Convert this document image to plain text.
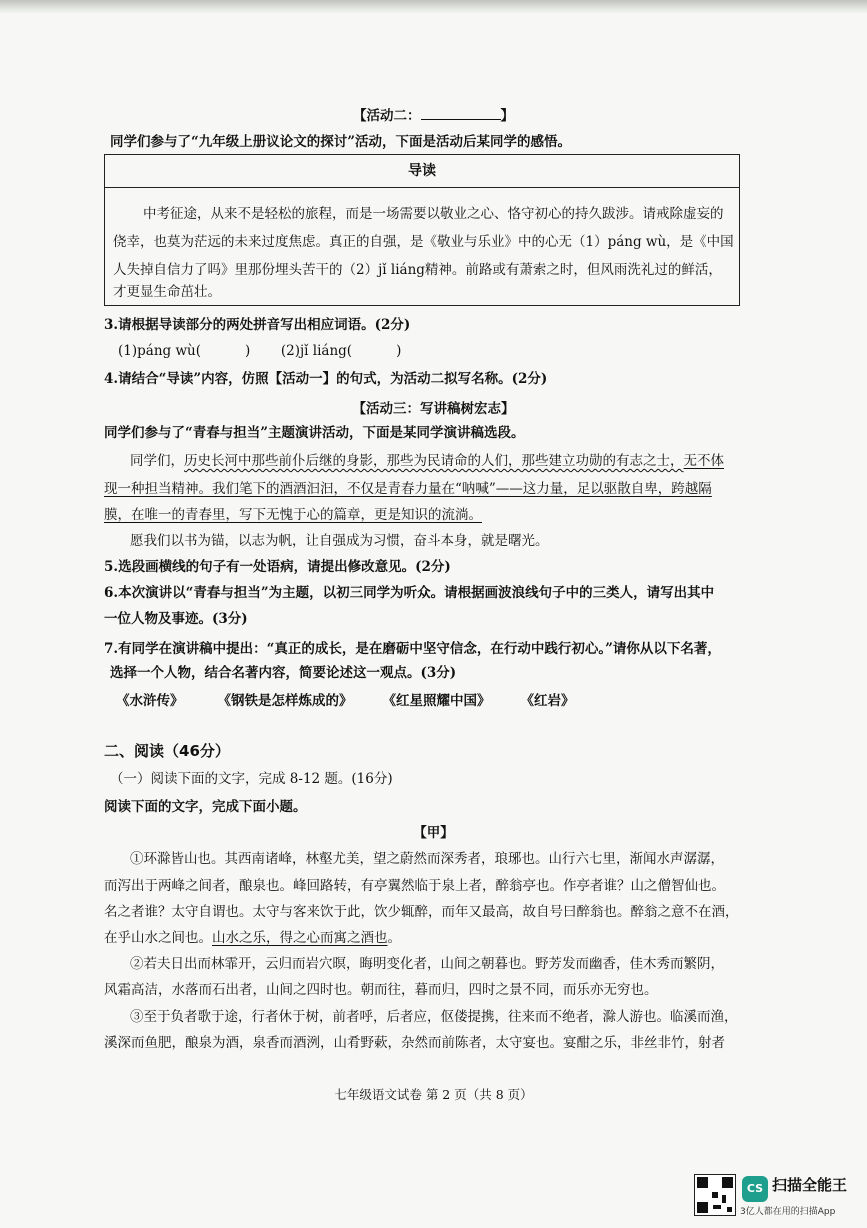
【活动二：	】
同学们参与了“九年级上册议论文的探讨”活动，下面是活动后某同学的感悟。
导读
中考征途，从来不是轻松的旅程，而是一场需要以敬业之心、恪守初心的持久跋涉。请戒除虚妄的
侥幸，也莫为茫远的未来过度焦虑。真正的自强，是《敬业与乐业》中的心无（1）páng wù，是《中国
人失掉自信力了吗》里那份埋头苦干的（2）jǐ liáng精神。前路或有萧索之时，但风雨洗礼过的鲜活，
才更显生命茁壮。
3.请根据导读部分的两处拼音写出相应词语。(2分)
(1)páng wù(	) (2)jǐ liáng(	)
4.请结合“导读”内容，仿照【活动一】的句式，为活动二拟写名称。(2分)
【活动三：写讲稿树宏志】
同学们参与了“青春与担当”主题演讲活动，下面是某同学演讲稿选段。
同学们，历史长河中那些前仆后继的身影，那些为民请命的人们，那些建立功勋的有志之士，无不体
现一种担当精神。我们笔下的酒酒汩汩，不仅是青春力量在“呐喊”——这力量，足以驱散自卑，跨越隔
膜，在唯一的青春里，写下无愧于心的篇章，更是知识的流淌。
愿我们以书为锚，以志为帆，让自强成为习惯，奋斗本身，就是曙光。
5.选段画横线的句子有一处语病，请提出修改意见。(2分)
6.本次演讲以“青春与担当”为主题，以初三同学为听众。请根据画波浪线句子中的三类人，请写出其中
一位人物及事迹。(3分)
7.有同学在演讲稿中提出：“真正的成长，是在磨砺中坚守信念，在行动中践行初心。”请你从以下名著，
选择一个人物，结合名著内容，简要论述这一观点。(3分)
《水浒传》	《钢铁是怎样炼成的》 《红星照耀中国》 《红岩》
二、阅读（46分）
（一）阅读下面的文字，完成 8-12 题。(16分)
阅读下面的文字，完成下面小题。
【甲】
①环滁皆山也。其西南诸峰，林壑尤美，望之蔚然而深秀者，琅琊也。山行六七里，渐闻水声潺潺，
而泻出于两峰之间者，酿泉也。峰回路转，有亭翼然临于泉上者，醉翁亭也。作亭者谁？山之僧智仙也。
名之者谁？太守自谓也。太守与客来饮于此，饮少辄醉，而年又最高，故自号曰醉翁也。醉翁之意不在酒，
在乎山水之间也。山水之乐，得之心而寓之酒也。
②若夫日出而林霏开，云归而岩穴暝，晦明变化者，山间之朝暮也。野芳发而幽香，佳木秀而繁阴，
风霜高洁，水落而石出者，山间之四时也。朝而往，暮而归，四时之景不同，而乐亦无穷也。
③至于负者歌于途，行者休于树，前者呼，后者应，伛偻提携，往来而不绝者，滁人游也。临溪而渔，
溪深而鱼肥，酿泉为酒，泉香而酒洌，山肴野蔌，杂然而前陈者，太守宴也。宴酣之乐，非丝非竹，射者
七年级语文试卷 第 2 页（共 8 页）
CS 扫描全能王
3亿人都在用的扫描App
